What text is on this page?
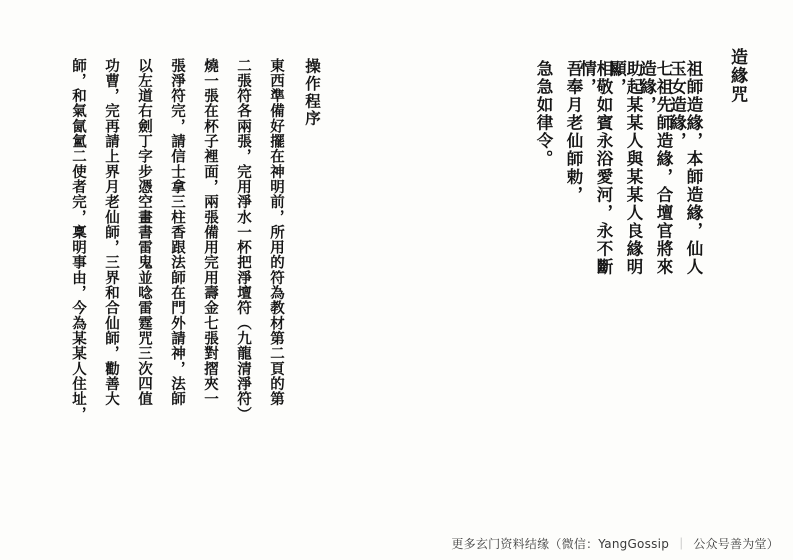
造緣咒
祖師造緣，本師造緣，仙人玉女造緣，
七祖先師造緣，合壇官將來造緣，
助起某某人與某某人良緣明顯，
相敬如賓永浴愛河，永不斷情，
吾奉月老仙師勅，
急急如律令。
操作程序
東西準備好擺在神明前，所用的符為教材第二頁的第
二張符各兩張，完用淨水一杯把淨壇符（九龍清淨符）
燒一張在杯子裡面，兩張備用完用壽金七張對摺夾一
張淨符完，請信士拿三柱香跟法師在門外請神，法師
以左道右劍丁字步憑空畫書雷鬼並唸雷霆咒三次四值
功曹，完再請上界月老仙師，三界和合仙師，勸善大
師，和氣氤氳二使者完，稟明事由，今為某某人住址，
更多玄门资料结缘（微信：YangGossip ｜ 公众号善为堂）
